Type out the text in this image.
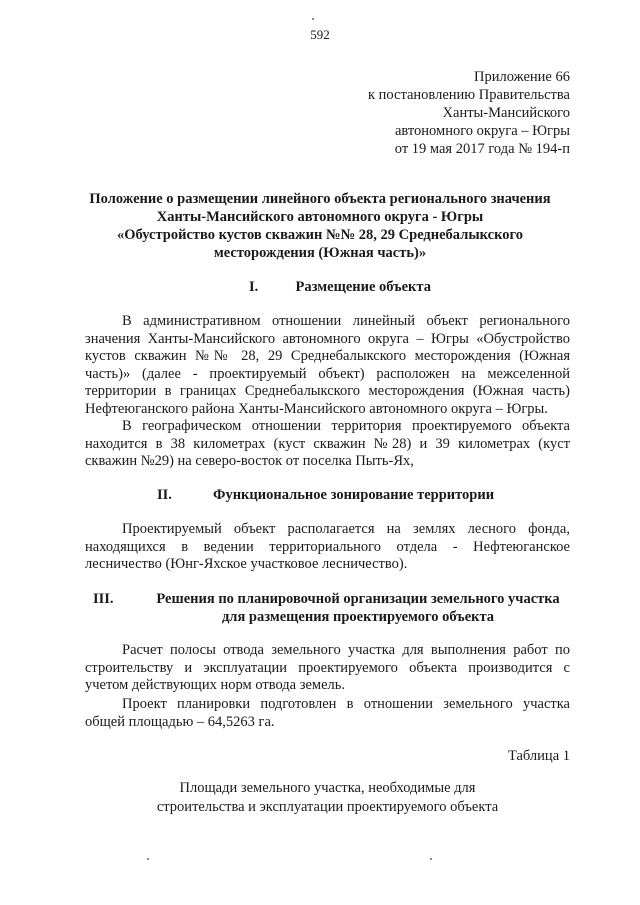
592
Приложение 66
к постановлению Правительства
Ханты-Мансийского
автономного округа – Югры
от 19 мая 2017 года № 194-п
Положение о размещении линейного объекта регионального значения
Ханты-Мансийского автономного округа - Югры
«Обустройство кустов скважин №№ 28, 29 Среднебалыкского
месторождения (Южная часть)»
I.	Размещение объекта

В административном отношении линейный объект регионального значения Ханты-Мансийского автономного округа – Югры «Обустройство кустов скважин №№ 28, 29 Среднебалыкского месторождения (Южная часть)» (далее - проектируемый объект) расположен на межселенной территории в границах Среднебалыкского месторождения (Южная часть) Нефтеюганского района Ханты-Мансийского автономного округа – Югры.

В географическом отношении территория проектируемого объекта находится в 38 километрах (куст скважин №28) и 39 километрах (куст скважин №29) на северо-восток от поселка Пыть-Ях,

II.	Функциональное зонирование территории

Проектируемый объект располагается на землях лесного фонда, находящихся в ведении территориального отдела - Нефтеюганское лесничество (Юнг-Яхское участковое лесничество).

III.	Решения по планировочной организации земельного участка
для размещения проектируемого объекта

Расчет полосы отвода земельного участка для выполнения работ по строительству и эксплуатации проектируемого объекта производится с учетом действующих норм отвода земель.

Проект планировки подготовлен в отношении земельного участка общей площадью – 64,5263 га.

Таблица 1
Площади земельного участка, необходимые для
строительства и эксплуатации проектируемого объекта
